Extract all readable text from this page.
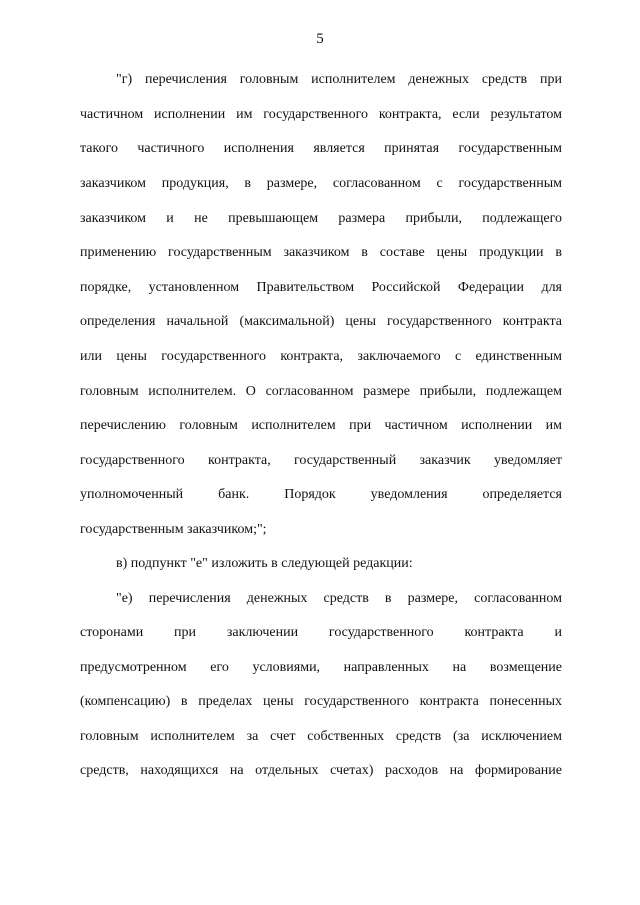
5
"г) перечисления головным исполнителем денежных средств при
частичном исполнении им государственного контракта, если результатом
такого частичного исполнения является принятая государственным
заказчиком продукция, в размере, согласованном с государственным
заказчиком и не превышающем размера прибыли, подлежащего
применению государственным заказчиком в составе цены продукции в
порядке, установленном Правительством Российской Федерации для
определения начальной (максимальной) цены государственного контракта
или цены государственного контракта, заключаемого с единственным
головным исполнителем. О согласованном размере прибыли, подлежащем
перечислению головным исполнителем при частичном исполнении им
государственного контракта, государственный заказчик уведомляет
уполномоченный банк. Порядок уведомления определяется
государственным заказчиком;";
в) подпункт "е" изложить в следующей редакции:
"е) перечисления денежных средств в размере, согласованном
сторонами при заключении государственного контракта и
предусмотренном его условиями, направленных на возмещение
(компенсацию) в пределах цены государственного контракта понесенных
головным исполнителем за счет собственных средств (за исключением
средств, находящихся на отдельных счетах) расходов на формирование
